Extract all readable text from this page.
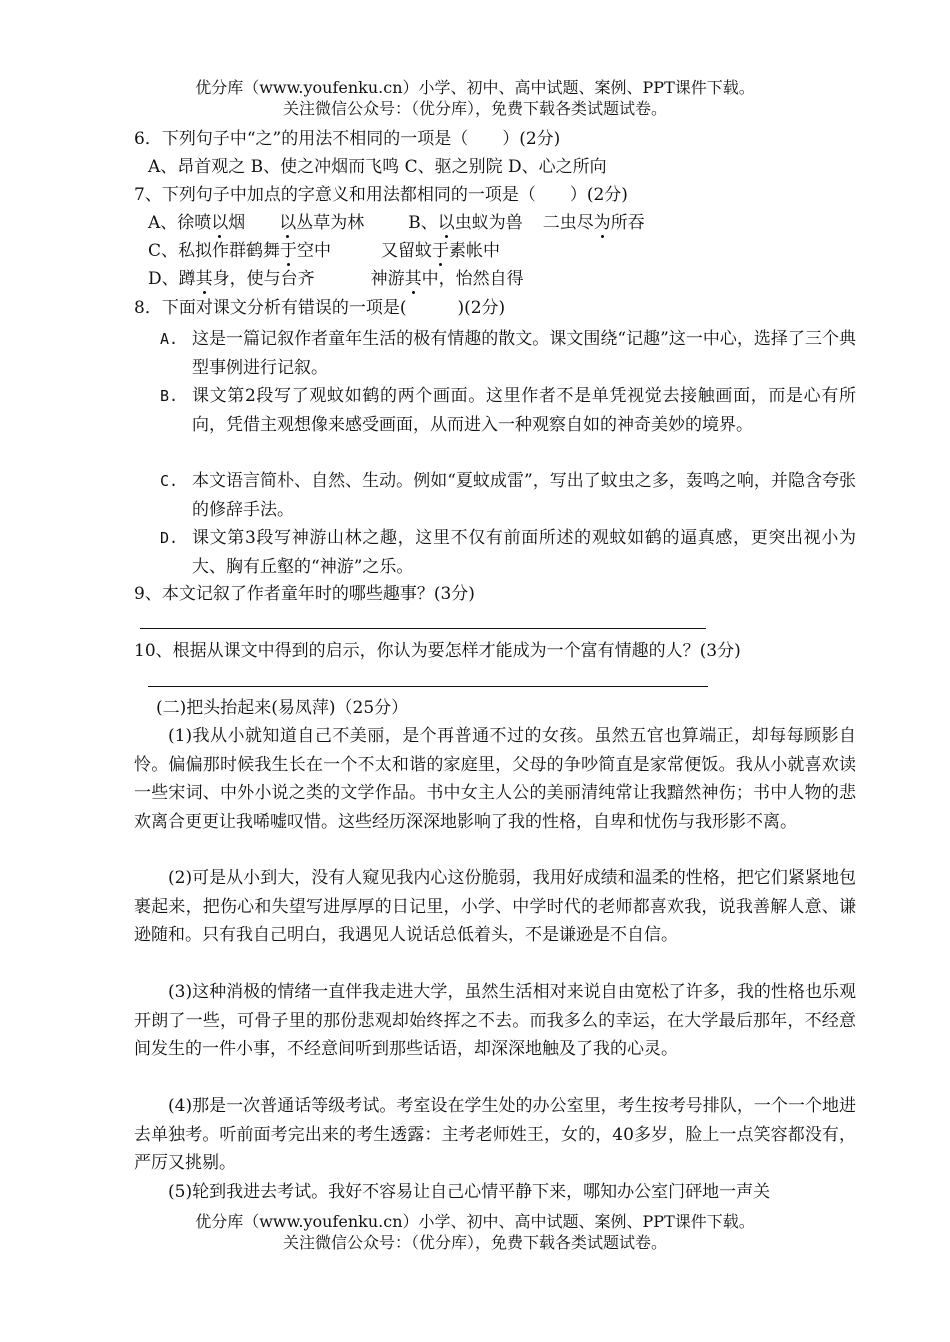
优分库（www.youfenku.cn）小学、初中、高中试题、案例、PPT课件下载。
关注微信公众号：（优分库），免费下载各类试题试卷。
6．下列句子中“之”的用法不相同的一项是（　　）(2分)
A、昂首观之 B、使之冲烟而飞鸣 C、驱之别院 D、心之所向
7、下列句子中加点的字意义和用法都相同的一项是（　　）(2分)
A、徐喷以烟 以丛草为林	B、以虫蚁为兽 二虫尽为所吞
C、私拟作群鹤舞于空中	又留蚊于素帐中
D、蹲其身，使与台齐	神游其中，怡然自得
8．下面对课文分析有错误的一项是(　　　)(2分)
A. 这是一篇记叙作者童年生活的极有情趣的散文。课文围绕“记趣”这一中心，选择了三个典型事例进行记叙。
B. 课文第2段写了观蚊如鹤的两个画面。这里作者不是单凭视觉去接触画面，而是心有所向，凭借主观想像来感受画面，从而进入一种观察自如的神奇美妙的境界。
C. 本文语言简朴、自然、生动。例如“夏蚊成雷”，写出了蚊虫之多，轰鸣之响，并隐含夸张的修辞手法。
D. 课文第3段写神游山林之趣，这里不仅有前面所述的观蚊如鹤的逼真感，更突出视小为大、胸有丘壑的“神游”之乐。
9、本文记叙了作者童年时的哪些趣事？(3分)
10、根据从课文中得到的启示，你认为要怎样才能成为一个富有情趣的人？(3分)
(二)把头抬起来(易凤萍)（25分）
(1)我从小就知道自己不美丽，是个再普通不过的女孩。虽然五官也算端正，却每每顾影自怜。偏偏那时候我生长在一个不太和谐的家庭里，父母的争吵简直是家常便饭。我从小就喜欢读一些宋词、中外小说之类的文学作品。书中女主人公的美丽清纯常让我黯然神伤；书中人物的悲欢离合更更让我唏嘘叹惜。这些经历深深地影响了我的性格，自卑和忧伤与我形影不离。
(2)可是从小到大，没有人窥见我内心这份脆弱，我用好成绩和温柔的性格，把它们紧紧地包裹起来，把伤心和失望写进厚厚的日记里，小学、中学时代的老师都喜欢我，说我善解人意、谦逊随和。只有我自己明白，我遇见人说话总低着头，不是谦逊是不自信。
(3)这种消极的情绪一直伴我走进大学，虽然生活相对来说自由宽松了许多，我的性格也乐观开朗了一些，可骨子里的那份悲观却始终挥之不去。而我多么的幸运，在大学最后那年，不经意间发生的一件小事，不经意间听到那些话语，却深深地触及了我的心灵。
(4)那是一次普通话等级考试。考室设在学生处的办公室里，考生按考号排队，一个一个地进去单独考。听前面考完出来的考生透露：主考老师姓王，女的，40多岁，脸上一点笑容都没有，严厉又挑剔。
(5)轮到我进去考试。我好不容易让自己心情平静下来，哪知办公室门砰地一声关
优分库（www.youfenku.cn）小学、初中、高中试题、案例、PPT课件下载。
关注微信公众号：（优分库），免费下载各类试题试卷。
